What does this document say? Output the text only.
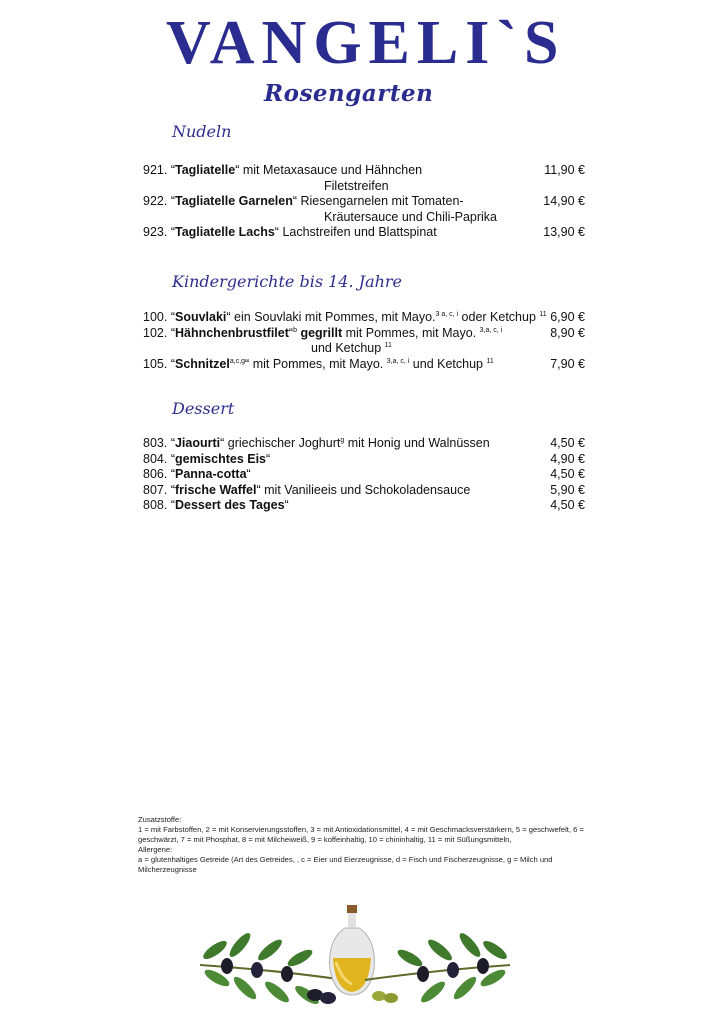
VANGELI`S
Rosengarten
Nudeln
921. “Tagliatelle“ mit Metaxasauce und Hähnchen	11,90 €
Filetstreifen
922. “Tagliatelle Garnelen“ Riesengarnelen mit Tomaten-	14,90 €
Kräutersauce und Chili-Paprika
923. “Tagliatelle Lachs“ Lachstreifen und Blattspinat	13,90 €
Kindergerichte bis 14. Jahre
100. “Souvlaki“ ein Souvlaki mit Pommes, mit Mayo.$^{3 a, c, i}$ oder Ketchup $^{11}$ 6,90 €
102. “Hähnchenbrustfilet“$^b$ gegrillt mit Pommes, mit Mayo. $^{3,a, c, i}$	8,90 €
und Ketchup $^{11}$
105. “Schnitzel$^{a,c,g}$“ mit Pommes, mit Mayo. $^{3,a, c, i}$ und Ketchup $^{11}$	7,90 €
Dessert
803. “Jiaourti“ griechischer Joghurt$^g$ mit Honig und Walnüssen	4,50 €
804. “gemischtes Eis“	4,90 €
806. “Panna-cotta“	4,50 €
807. “frische Waffel“ mit Vanilieeis und Schokoladensauce	5,90 €
808. “Dessert des Tages“	4,50 €
Zusatzstoffe:
1 = mit Farbstoffen, 2 = mit Konservierungsstoffen, 3 = mit Antioxidationsmittel, 4 = mit Geschmacksverstärkern, 5 = geschwefelt, 6 = geschwärzt, 7 = mit Phosphat, 8 = mit Milcheiweiß, 9 = koffeinhaltig, 10 = chininhaltig, 11 = mit Süßungsmitteln,
Allergene:
a = glutenhaltiges Getreide (Art des Getreides, , c = Eier und Eierzeugnisse, d = Fisch und Fischerzeugnisse, g = Milch und Milcherzeugnisse
